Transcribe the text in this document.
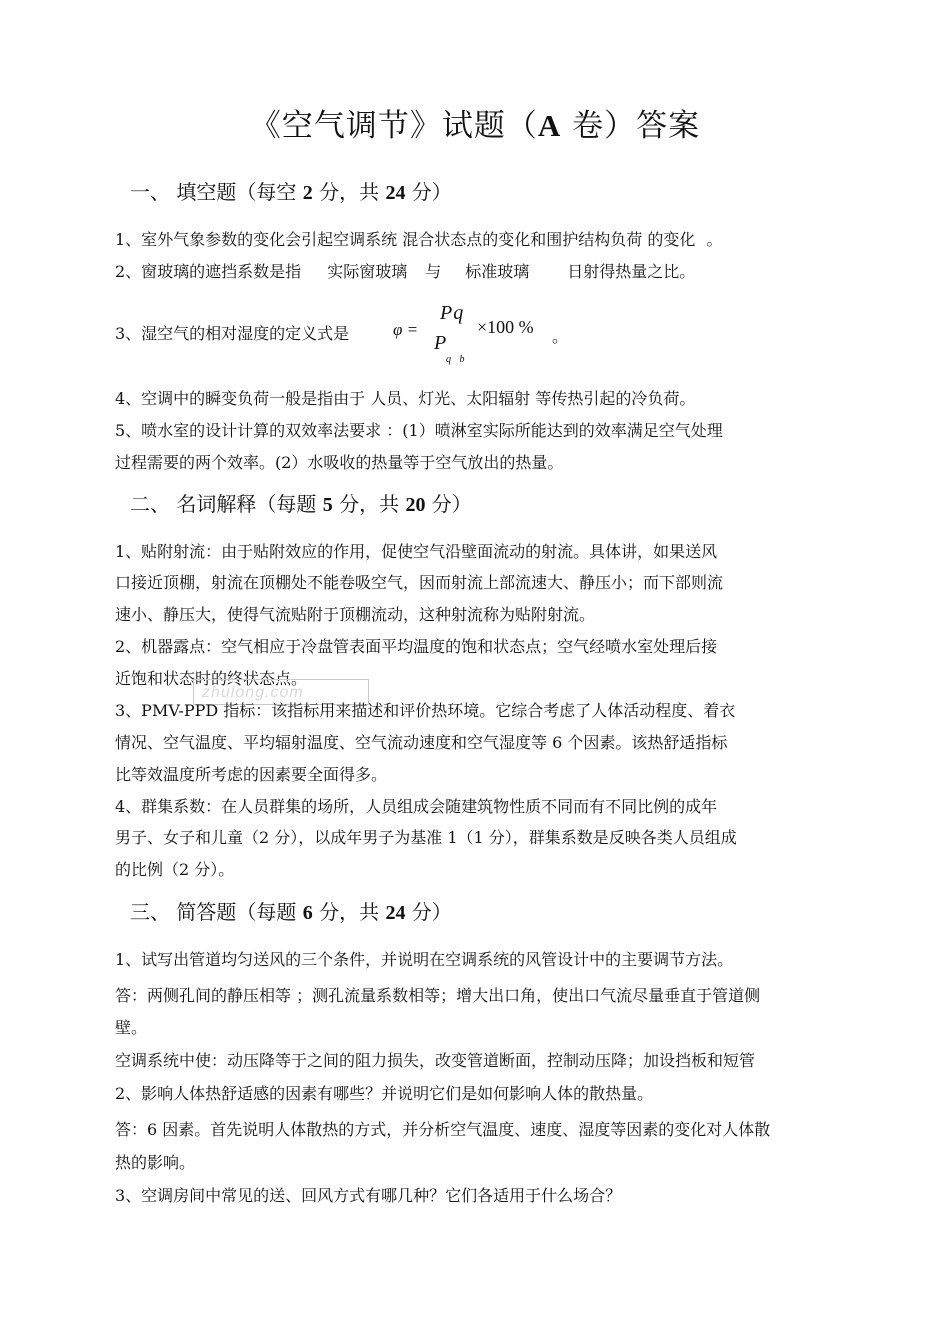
《空气调节》试题（A 卷）答案
一、 填空题（每空 2 分，共 24 分）
1、室外气象参数的变化会引起空调系统 混合状态点的变化和围护结构负荷 的变化 。
2、窗玻璃的遮挡系数是指 实际窗玻璃 与 标准玻璃 日射得热量之比。
3、湿空气的相对湿度的定义式是	φ =
Pq
P
q b
×100 % 。
4、空调中的瞬变负荷一般是指由于 人员、灯光、太阳辐射 等传热引起的冷负荷。
5、喷水室的设计计算的双效率法要求 ：(1）喷淋室实际所能达到的效率满足空气处理
过程需要的两个效率。(2）水吸收的热量等于空气放出的热量。
二、 名词解释（每题 5 分，共 20 分）
1、贴附射流：由于贴附效应的作用，促使空气沿壁面流动的射流。具体讲，如果送风
口接近顶棚，射流在顶棚处不能卷吸空气，因而射流上部流速大、静压小；而下部则流
速小、静压大，使得气流贴附于顶棚流动，这种射流称为贴附射流。
2、机器露点：空气相应于冷盘管表面平均温度的饱和状态点；空气经喷水室处理后接
近饱和状态时的终状态点。
zhulong.com
3、PMV-PPD 指标：该指标用来描述和评价热环境。它综合考虑了人体活动程度、着衣
情况、空气温度、平均辐射温度、空气流动速度和空气湿度等 6 个因素。该热舒适指标
比等效温度所考虑的因素要全面得多。
4、群集系数：在人员群集的场所，人员组成会随建筑物性质不同而有不同比例的成年
男子、女子和儿童（2 分），以成年男子为基准 1（1 分），群集系数是反映各类人员组成
的比例（2 分）。
三、 简答题（每题 6 分，共 24 分）
1、试写出管道均匀送风的三个条件，并说明在空调系统的风管设计中的主要调节方法。
答：两侧孔间的静压相等 ；测孔流量系数相等；增大出口角，使出口气流尽量垂直于管道侧
壁。
空调系统中使：动压降等于之间的阻力损失，改变管道断面，控制动压降；加设挡板和短管
2、影响人体热舒适感的因素有哪些？并说明它们是如何影响人体的散热量。
答：6 因素。首先说明人体散热的方式，并分析空气温度、速度、湿度等因素的变化对人体散
热的影响。
3、空调房间中常见的送、回风方式有哪几种？它们各适用于什么场合？
